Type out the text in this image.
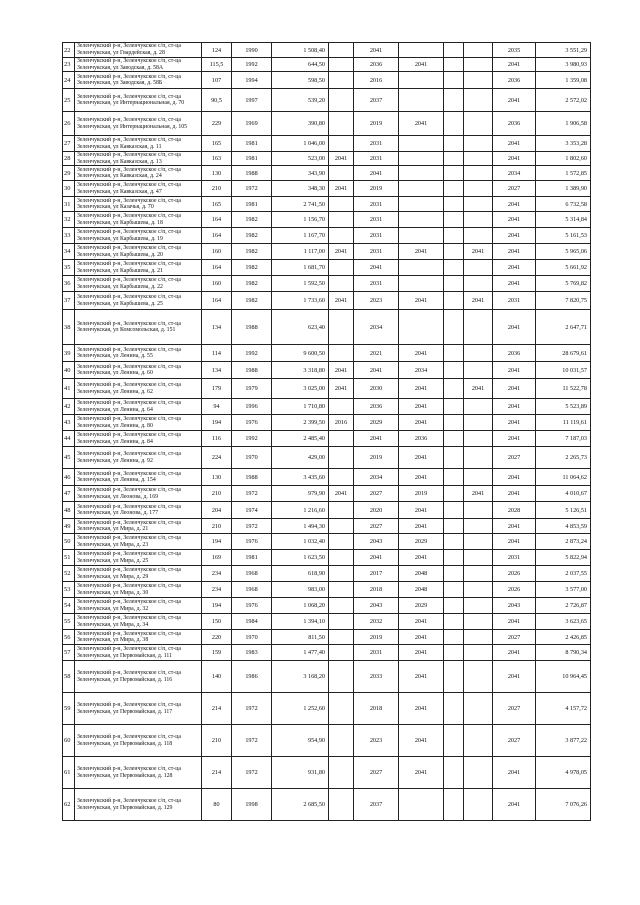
22	Зеленчукский р-н, Зеленчукское с/п, ст-ца Зеленчукская, ул Гвардейская, д. 28	124	1990	1 508,40		2041				2035	3 551,29
23	Зеленчукский р-н, Зеленчукское с/п, ст-ца Зеленчукская, ул Заводская, д. 58А	115,5	1992	644,50		2036	2041			2041	3 980,93
24	Зеленчукский р-н, Зеленчукское с/п, ст-ца Зеленчукская, ул Заводская, д. 58Б	107	1994	598,50		2016				2036	1 359,08
25	Зеленчукский р-н, Зеленчукское с/п, ст-ца Зеленчукская, ул Интернациональная, д. 70	90,5	1997	539,20		2037				2041	2 572,02
26	Зеленчукский р-н, Зеленчукское с/п, ст-ца Зеленчукская, ул Интернациональная, д. 105	229	1969	390,80		2019	2041			2036	1 906,58
27	Зеленчукский р-н, Зеленчукское с/п, ст-ца Зеленчукская, ул Кавказская, д. 11	165	1981	1 046,00		2031				2041	3 353,28
28	Зеленчукский р-н, Зеленчукское с/п, ст-ца Зеленчукская, ул Кавказская, д. 13	163	1981	523,00	2041	2031				2041	1 802,60
29	Зеленчукский р-н, Зеленчукское с/п, ст-ца Зеленчукская, ул Кавказская, д. 24	130	1988	343,90		2041				2034	1 572,85
30	Зеленчукский р-н, Зеленчукское с/п, ст-ца Зеленчукская, ул Кавказская, д. 47	210	1972	348,30	2041	2019				2027	1 389,90
31	Зеленчукский р-н, Зеленчукское с/п, ст-ца Зеленчукская, ул Казачья, д. 70	165	1981	2 741,50		2031				2041	6 732,58
32	Зеленчукский р-н, Зеленчукское с/п, ст-ца Зеленчукская, ул Карбышева, д. 18	164	1982	1 156,70		2031				2041	5 314,84
33	Зеленчукский р-н, Зеленчукское с/п, ст-ца Зеленчукская, ул Карбышева, д. 19	164	1982	1 167,70		2031				2041	5 161,53
34	Зеленчукский р-н, Зеленчукское с/п, ст-ца Зеленчукская, ул Карбышева, д. 20	160	1982	1 117,00	2041	2031	2041		2041	2041	5 965,06
35	Зеленчукский р-н, Зеленчукское с/п, ст-ца Зеленчукская, ул Карбышева, д. 21	164	1982	1 681,70		2041				2041	5 661,92
36	Зеленчукский р-н, Зеленчукское с/п, ст-ца Зеленчукская, ул Карбышева, д. 22	160	1982	1 592,50		2031				2041	5 769,82
37	Зеленчукский р-н, Зеленчукское с/п, ст-ца Зеленчукская, ул Карбышева, д. 25	164	1982	1 733,60	2041	2023	2041		2041	2031	7 820,75
38	Зеленчукский р-н, Зеленчукское с/п, ст-ца Зеленчукская, ул Комсомольская, д. 151	134	1988	623,40		2034				2041	2 647,71
39	Зеленчукский р-н, Зеленчукское с/п, ст-ца Зеленчукская, ул Ленина, д. 55	114	1992	9 600,50		2021	2041			2036	28 679,61
40	Зеленчукский р-н, Зеленчукское с/п, ст-ца Зеленчукская, ул Ленина, д. 60	134	1988	3 318,80	2041	2041	2034			2041	10 031,57
41	Зеленчукский р-н, Зеленчукское с/п, ст-ца Зеленчукская, ул Ленина, д. 62	179	1979	3 025,00	2041	2030	2041		2041	2041	11 522,78
42	Зеленчукский р-н, Зеленчукское с/п, ст-ца Зеленчукская, ул Ленина, д. 64	94	1996	1 710,80		2036	2041			2041	5 523,89
43	Зеленчукский р-н, Зеленчукское с/п, ст-ца Зеленчукская, ул Ленина, д. 80	194	1976	2 399,50	2016	2029	2041			2041	11 119,61
44	Зеленчукский р-н, Зеленчукское с/п, ст-ца Зеленчукская, ул Ленина, д. 84	116	1992	2 485,40		2041	2036			2041	7 187,03
45	Зеленчукский р-н, Зеленчукское с/п, ст-ца Зеленчукская, ул Ленина, д. 92	224	1970	429,00		2019	2041			2027	2 265,73
46	Зеленчукский р-н, Зеленчукское с/п, ст-ца Зеленчукская, ул Ленина, д. 154	130	1988	3 435,60		2034	2041			2041	11 064,62
47	Зеленчукский р-н, Зеленчукское с/п, ст-ца Зеленчукская, ул Леонова, д. 169	210	1972	979,90	2041	2027	2019		2041	2041	4 010,67
48	Зеленчукский р-н, Зеленчукское с/п, ст-ца Зеленчукская, ул Леонова, д. 177	204	1974	1 216,60		2020	2041			2028	5 126,51
49	Зеленчукский р-н, Зеленчукское с/п, ст-ца Зеленчукская, ул Мира, д. 21	210	1972	1 494,30		2027	2041			2041	4 853,59
50	Зеленчукский р-н, Зеленчукское с/п, ст-ца Зеленчукская, ул Мира, д. 23	194	1976	1 032,40		2043	2029			2041	2 873,24
51	Зеленчукский р-н, Зеленчукское с/п, ст-ца Зеленчукская, ул Мира, д. 25	169	1981	1 623,50		2041	2041			2031	5 822,94
52	Зеленчукский р-н, Зеленчукское с/п, ст-ца Зеленчукская, ул Мира, д. 29	234	1968	618,90		2017	2048			2026	2 037,55
53	Зеленчукский р-н, Зеленчукское с/п, ст-ца Зеленчукская, ул Мира, д. 30	234	1968	983,00		2018	2048			2026	3 577,00
54	Зеленчукский р-н, Зеленчукское с/п, ст-ца Зеленчукская, ул Мира, д. 32	194	1976	1 068,20		2043	2029			2043	2 726,87
55	Зеленчукский р-н, Зеленчукское с/п, ст-ца Зеленчукская, ул Мира, д. 34	150	1984	1 394,10		2032	2041			2041	3 623,65
56	Зеленчукский р-н, Зеленчукское с/п, ст-ца Зеленчукская, ул Мира, д. 38	220	1970	811,50		2019	2041			2027	2 426,85
57	Зеленчукский р-н, Зеленчукское с/п, ст-ца Зеленчукская, ул Первомайская, д. 111	159	1983	1 477,40		2031	2041			2041	8 790,34
58	Зеленчукский р-н, Зеленчукское с/п, ст-ца Зеленчукская, ул Первомайская, д. 116	140	1986	3 168,20		2033	2041			2041	10 964,45
59	Зеленчукский р-н, Зеленчукское с/п, ст-ца Зеленчукская, ул Первомайская, д. 117	214	1972	1 252,60		2018	2041			2027	4 157,72
60	Зеленчукский р-н, Зеленчукское с/п, ст-ца Зеленчукская, ул Первомайская, д. 118	210	1972	954,90		2023	2041			2027	3 877,22
61	Зеленчукский р-н, Зеленчукское с/п, ст-ца Зеленчукская, ул Первомайская, д. 128	214	1972	931,80		2027	2041			2041	4 978,05
62	Зеленчукский р-н, Зеленчукское с/п, ст-ца Зеленчукская, ул Первомайская, д. 129	80	1998	2 685,50		2037				2041	7 076,26
